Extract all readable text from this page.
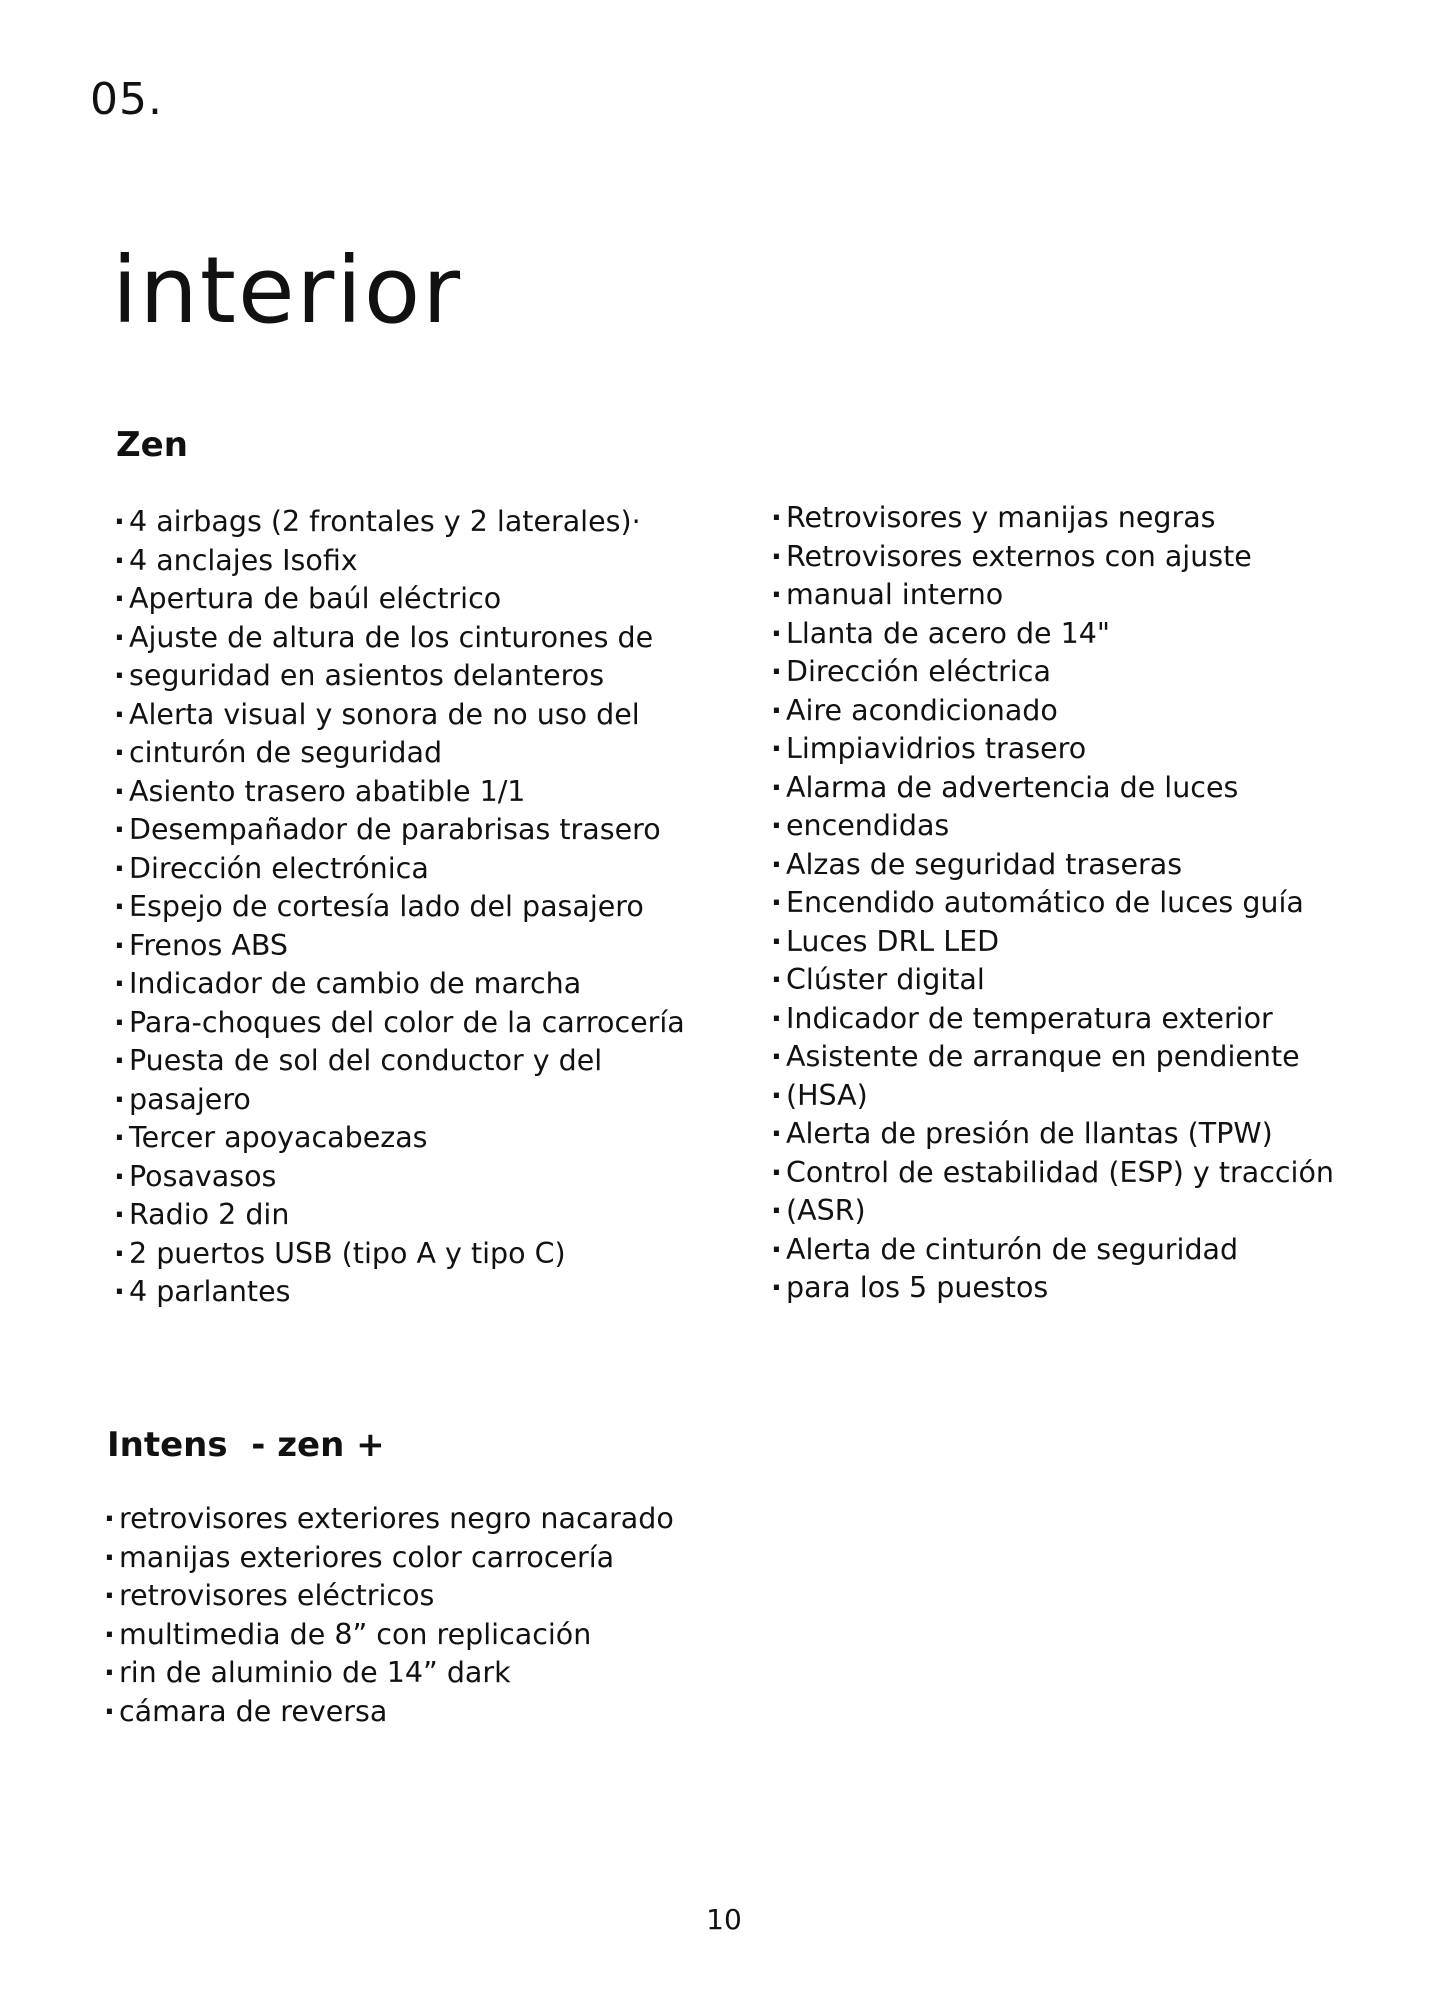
05.
interior
Zen
· 4 airbags (2 frontales y 2 laterales)·
· 4 anclajes Isofix
· Apertura de baúl eléctrico
· Ajuste de altura de los cinturones de
· seguridad en asientos delanteros
· Alerta visual y sonora de no uso del
· cinturón de seguridad
· Asiento trasero abatible 1/1
· Desempañador de parabrisas trasero
· Dirección electrónica
· Espejo de cortesía lado del pasajero
· Frenos ABS
· Indicador de cambio de marcha
· Para-choques del color de la carrocería
· Puesta de sol del conductor y del
· pasajero
· Tercer apoyacabezas
· Posavasos
· Radio 2 din
· 2 puertos USB (tipo A y tipo C)
· 4 parlantes
· Retrovisores y manijas negras
· Retrovisores externos con ajuste
· manual interno
· Llanta de acero de 14"
· Dirección eléctrica
· Aire acondicionado
· Limpiavidrios trasero
· Alarma de advertencia de luces
· encendidas
· Alzas de seguridad traseras
· Encendido automático de luces guía
· Luces DRL LED
· Clúster digital
· Indicador de temperatura exterior
· Asistente de arranque en pendiente
· (HSA)
· Alerta de presión de llantas (TPW)
· Control de estabilidad (ESP) y tracción
· (ASR)
· Alerta de cinturón de seguridad
· para los 5 puestos
Intens  - zen +
· retrovisores exteriores negro nacarado
· manijas exteriores color carrocería
· retrovisores eléctricos
· multimedia de 8” con replicación
· rin de aluminio de 14” dark
· cámara de reversa
10
